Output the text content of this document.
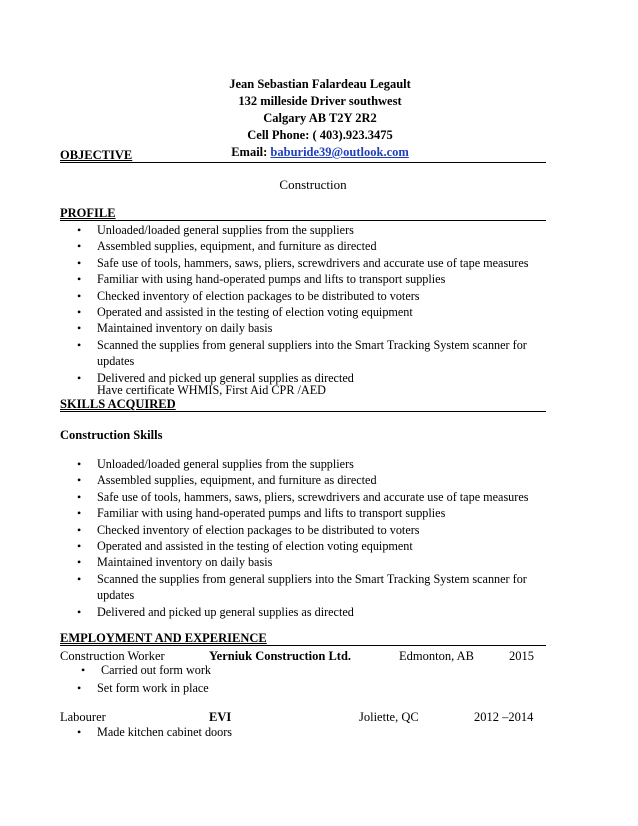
Jean Sebastian Falardeau Legault
132 milleside Driver southwest
Calgary AB T2Y 2R2
Cell Phone: ( 403).923.3475
Email: baburide39@outlook.com
OBJECTIVE
Construction
PROFILE
• Unloaded/loaded general supplies from the suppliers
• Assembled supplies, equipment, and furniture as directed
• Safe use of tools, hammers, saws, pliers, screwdrivers and accurate use of tape measures
• Familiar with using hand-operated pumps and lifts to transport supplies
• Checked inventory of election packages to be distributed to voters
• Operated and assisted in the testing of election voting equipment
• Maintained inventory on daily basis
• Scanned the supplies from general suppliers into the Smart Tracking System scanner for
updates
• Delivered and picked up general supplies as directed
Have certificate WHMIS, First Aid CPR /AED
SKILLS ACQUIRED
Construction Skills
• Unloaded/loaded general supplies from the suppliers
• Assembled supplies, equipment, and furniture as directed
• Safe use of tools, hammers, saws, pliers, screwdrivers and accurate use of tape measures
• Familiar with using hand-operated pumps and lifts to transport supplies
• Checked inventory of election packages to be distributed to voters
• Operated and assisted in the testing of election voting equipment
• Maintained inventory on daily basis
• Scanned the supplies from general suppliers into the Smart Tracking System scanner for
updates
• Delivered and picked up general supplies as directed
EMPLOYMENT AND EXPERIENCE
Construction Worker	Yerniuk Construction Ltd.	Edmonton, AB	2015
• Carried out form work
• Set form work in place
Labourer	EVI	Joliette, QC	2012 –2014
• Made kitchen cabinet doors
